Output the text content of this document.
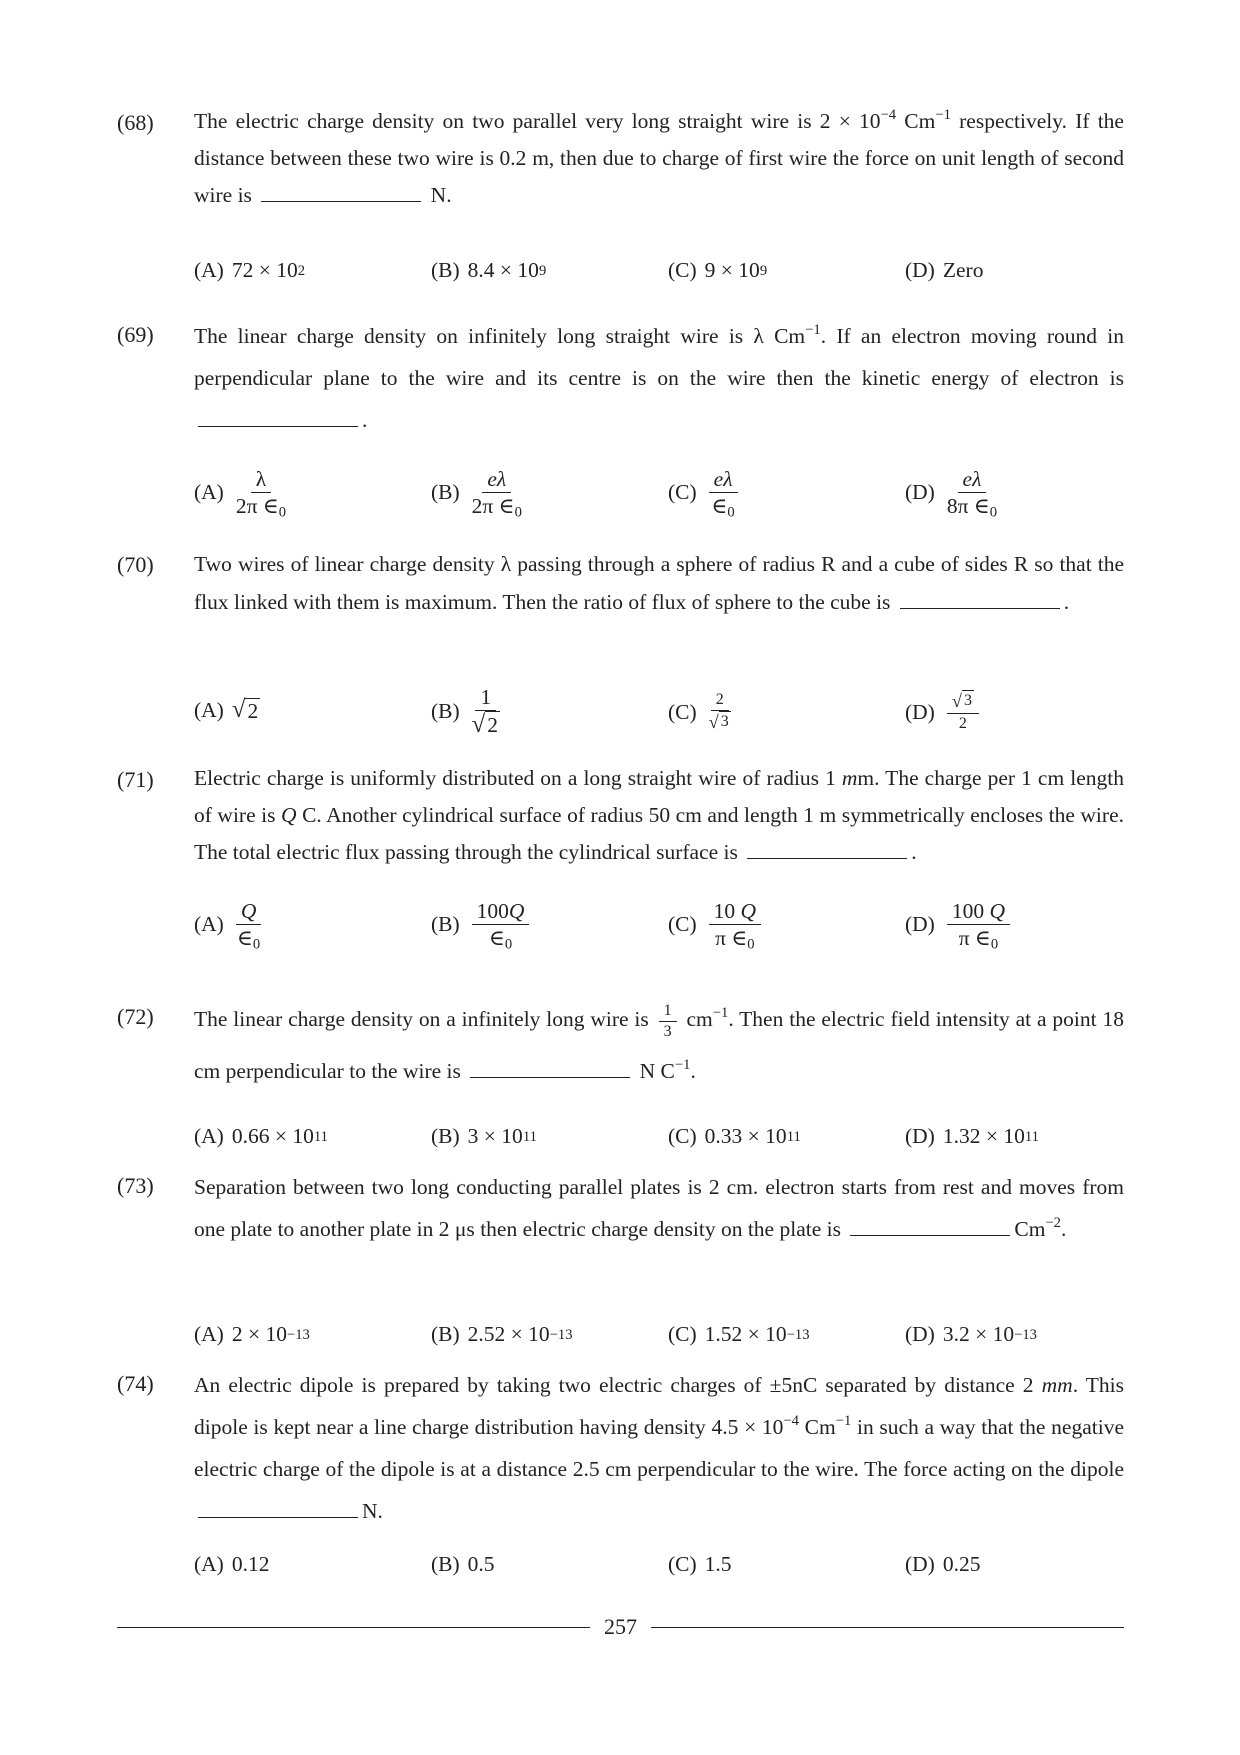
(68) The electric charge density on two parallel very long straight wire is $2 \times 10^{-4}$ $Cm^{-1}$ respectively. If the distance between these two wire is 0.2 m, then due to charge of first wire the force on unit length of second wire is	N.
(A) 72 × 10 2	(B) 8.4 × 10 9	(C) 9 × 10 9	(D) Zero
(69) The linear charge density on infinitely long straight wire is λ $Cm^{-1}$. If an electron moving round in perpendicular plane to the wire and its centre is on the wire then the kinetic energy of electron is .
$(A) \frac{\lambda}{2\pi \in_0}$	$(B) \frac{e\lambda}{2\pi \in_0}$	$(C) \frac{e\lambda}{\in_0}$	$(D) \frac{e\lambda}{8\pi \in_0}$
(70) Two wires of linear charge density λ passing through a sphere of radius R and a cube of sides R so that the flux linked with them is maximum. Then the ratio of flux of sphere to the cube is	.
(A) √ 2	$(B) \frac{1}{√ 2}$	$(C) \frac{2}{√ 3}$	$(D) \frac{√ 3}{2}$
(71) Electric charge is uniformly distributed on a long straight wire of radius 1 mm. The charge per 1 cm length of wire is Q C. Another cylindrical surface of radius 50 cm and length 1 m symmetrically encloses the wire. The total electric flux passing through the cylindrical surface is	.
$(A) \frac{Q}{\in_0}$	$(B) \frac{100Q}{\in_0}$	$(C) \frac{10 Q}{\pi \in_0}$	$(D) \frac{100 Q}{\pi \in_0}$
(72) The linear charge density on a infinitely long wire is $\frac{1}{3} cm^{-1}$. Then the electric field intensity at a point 18 cm perpendicular to the wire is	N $C^{-1}$.
(A) 0.66 × 10 11	(B) 3 × 10 11	(C) 0.33 × 10 11	(D) 1.32 × 10 11
(73) Separation between two long conducting parallel plates is 2 cm. electron starts from rest and moves from one plate to another plate in 2 μs then electric charge density on the plate is	$Cm^{-2}$.
(A) 2 × 10 −13	(B) 2.52 × 10 −13	(C) 1.52 × 10 −13	(D) 3.2 × 10 −13
(74) An electric dipole is prepared by taking two electric charges of ±5nC separated by distance 2 mm. This dipole is kept near a line charge distribution having density $4.5 \times 10^{-4}$ $Cm^{-1}$ in such a way that the negative electric charge of the dipole is at a distance 2.5 cm perpendicular to the wire. The force acting on the dipole N.
(A) 0.12	(B) 0.5	(C) 1.5	(D) 0.25
257
